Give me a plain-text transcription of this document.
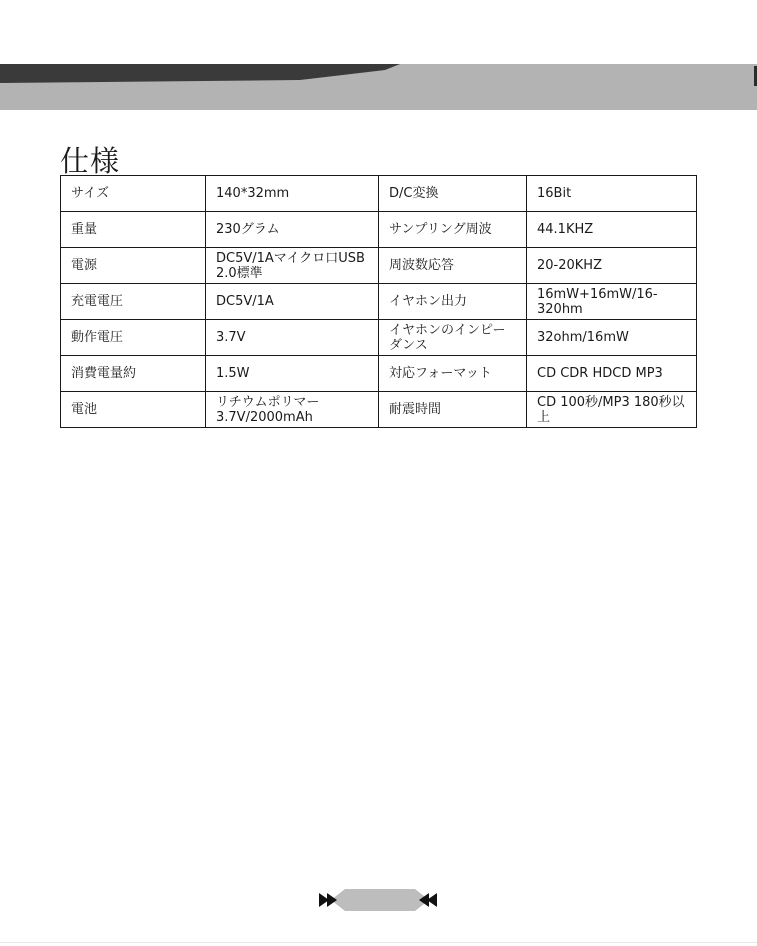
仕様
サイズ	140*32mm	D/C変換	16Bit
重量	230グラム	サンプリング周波	44.1KHZ
電源	DC5V/1Aマイクロ口USB 2.0標準	周波数応答	20-20KHZ
充電電圧	DC5V/1A	イヤホン出力	16mW+16mW/16-320hm
動作電圧	3.7V	イヤホンのインピーダンス	32ohm/16mW
消費電量約	1.5W	対応フォーマット	CD CDR HDCD MP3
電池	リチウムポリマー 3.7V/2000mAh	耐震時間	CD 100秒/MP3 180秒以上
